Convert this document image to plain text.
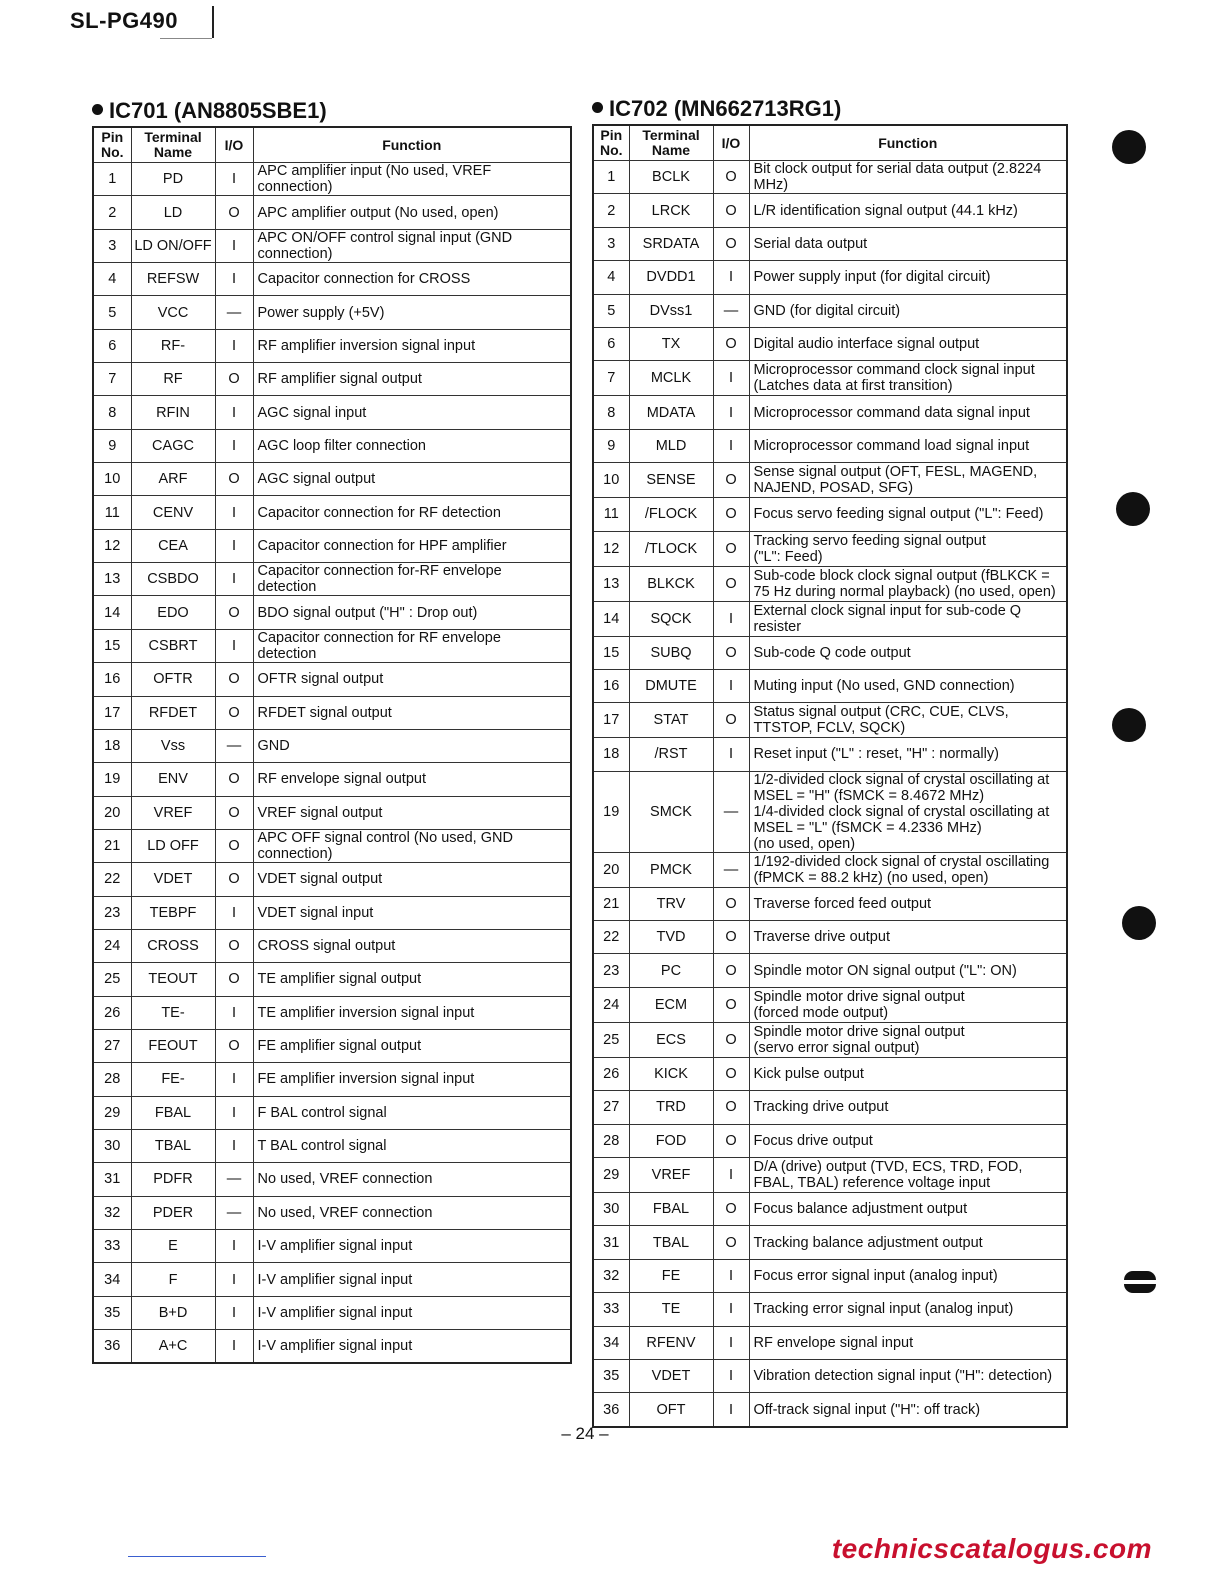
SL-PG490
IC701 (AN8805SBE1)
Pin
No.	Terminal
Name	I/O	Function
1	PD	I	APC amplifier input (No used, VREF connection)
2	LD	O	APC amplifier output (No used, open)
3	LD ON/OFF	I	APC ON/OFF control signal input (GND connection)
4	REFSW	I	Capacitor connection for CROSS
5	VCC	—	Power supply (+5V)
6	RF-	I	RF amplifier inversion signal input
7	RF	O	RF amplifier signal output
8	RFIN	I	AGC signal input
9	CAGC	I	AGC loop filter connection
10	ARF	O	AGC signal output
11	CENV	I	Capacitor connection for RF detection
12	CEA	I	Capacitor connection for HPF amplifier
13	CSBDO	I	Capacitor connection for-RF envelope
detection
14	EDO	O	BDO signal output ("H" : Drop out)
15	CSBRT	I	Capacitor connection for RF envelope
detection
16	OFTR	O	OFTR signal output
17	RFDET	O	RFDET signal output
18	Vss	—	GND
19	ENV	O	RF envelope signal output
20	VREF	O	VREF signal output
21	LD OFF	O	APC OFF signal control (No used, GND connection)
22	VDET	O	VDET signal output
23	TEBPF	I	VDET signal input
24	CROSS	O	CROSS signal output
25	TEOUT	O	TE amplifier signal output
26	TE-	I	TE amplifier inversion signal input
27	FEOUT	O	FE amplifier signal output
28	FE-	I	FE amplifier inversion signal input
29	FBAL	I	F BAL control signal
30	TBAL	I	T BAL control signal
31	PDFR	—	No used, VREF connection
32	PDER	—	No used, VREF connection
33	E	I	I-V amplifier signal input
34	F	I	I-V amplifier signal input
35	B+D	I	I-V amplifier signal input
36	A+C	I	I-V amplifier signal input
IC702 (MN662713RG1)
Pin
No.	Terminal
Name	I/O	Function
1	BCLK	O	Bit clock output for serial data output (2.8224 MHz)
2	LRCK	O	L/R identification signal output (44.1 kHz)
3	SRDATA	O	Serial data output
4	DVDD1	I	Power supply input (for digital circuit)
5	DVss1	—	GND (for digital circuit)
6	TX	O	Digital audio interface signal output
7	MCLK	I	Microprocessor command clock signal input
(Latches data at first transition)
8	MDATA	I	Microprocessor command data signal input
9	MLD	I	Microprocessor command load signal input
10	SENSE	O	Sense signal output (OFT, FESL, MAGEND,
NAJEND, POSAD, SFG)
11	/FLOCK	O	Focus servo feeding signal output ("L": Feed)
12	/TLOCK	O	Tracking servo feeding signal output
("L": Feed)
13	BLKCK	O	Sub-code block clock signal output (fBLKCK =
75 Hz during normal playback) (no used, open)
14	SQCK	I	External clock signal input for sub-code Q
resister
15	SUBQ	O	Sub-code Q code output
16	DMUTE	I	Muting input (No used, GND connection)
17	STAT	O	Status signal output (CRC, CUE, CLVS,
TTSTOP, FCLV, SQCK)
18	/RST	I	Reset input ("L" : reset, "H" : normally)
19	SMCK	—	1/2-divided clock signal of crystal oscillating at
MSEL = "H" (fSMCK = 8.4672 MHz)
1/4-divided clock signal of crystal oscillating at
MSEL = "L" (fSMCK = 4.2336 MHz)
(no used, open)
20	PMCK	—	1/192-divided clock signal of crystal oscillating
(fPMCK = 88.2 kHz) (no used, open)
21	TRV	O	Traverse forced feed output
22	TVD	O	Traverse drive output
23	PC	O	Spindle motor ON signal output ("L": ON)
24	ECM	O	Spindle motor drive signal output
(forced mode output)
25	ECS	O	Spindle motor drive signal output
(servo error signal output)
26	KICK	O	Kick pulse output
27	TRD	O	Tracking drive output
28	FOD	O	Focus drive output
29	VREF	I	D/A (drive) output (TVD, ECS, TRD, FOD,
FBAL, TBAL) reference voltage input
30	FBAL	O	Focus balance adjustment output
31	TBAL	O	Tracking balance adjustment output
32	FE	I	Focus error signal input (analog input)
33	TE	I	Tracking error signal input (analog input)
34	RFENV	I	RF envelope signal input
35	VDET	I	Vibration detection signal input ("H": detection)
36	OFT	I	Off-track signal input ("H": off track)
– 24 –
technicscatalogus.com
